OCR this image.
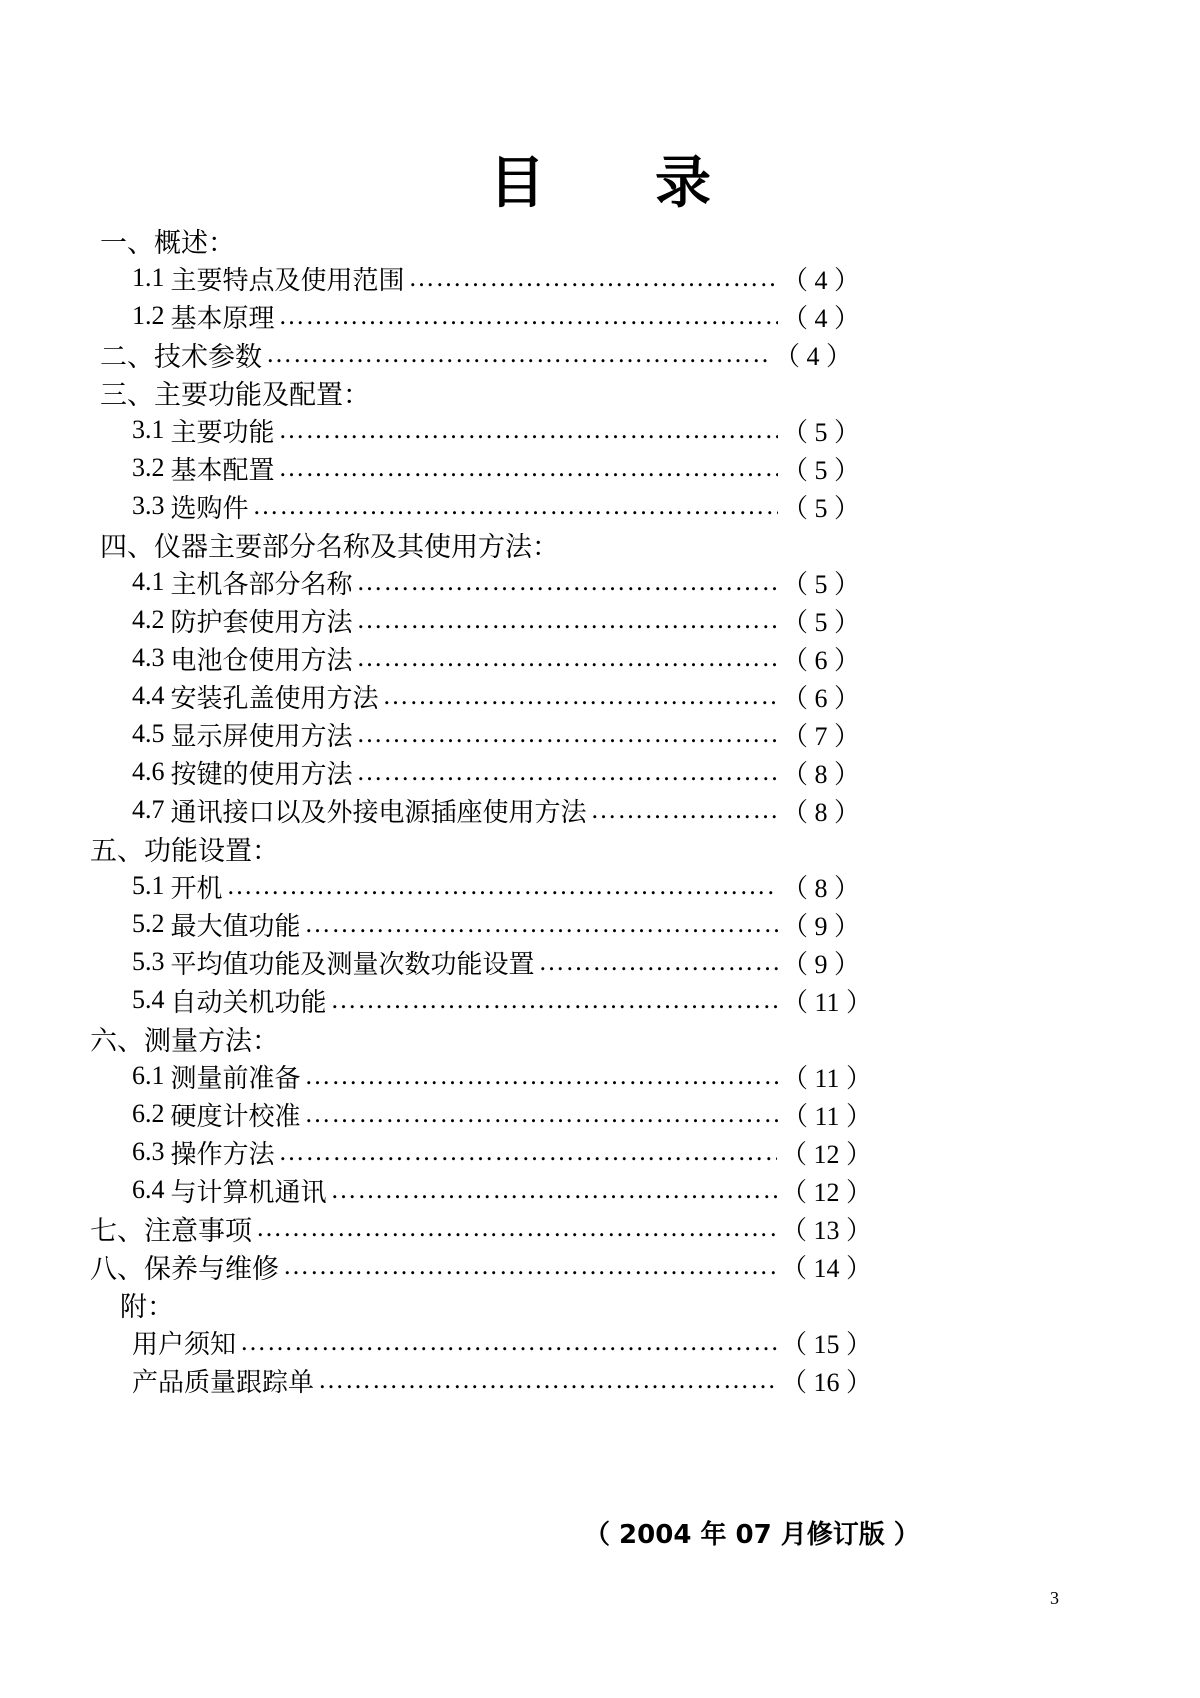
目 录
一、概述：
1.1 主要特点及使用范围 ……………………………………………………………………………………………………………………………………	（ 4 ）
1.2 基本原理 ……………………………………………………………………………………………………………………………………	（ 4 ）
二、技术参数 ……………………………………………………………………………………………………………………………………	（ 4 ）
三、主要功能及配置：
3.1 主要功能 ……………………………………………………………………………………………………………………………………	（ 5 ）
3.2 基本配置 ……………………………………………………………………………………………………………………………………	（ 5 ）
3.3 选购件 ……………………………………………………………………………………………………………………………………	（ 5 ）
四、仪器主要部分名称及其使用方法：
4.1 主机各部分名称 ……………………………………………………………………………………………………………………………………	（ 5 ）
4.2 防护套使用方法 ……………………………………………………………………………………………………………………………………	（ 5 ）
4.3 电池仓使用方法 ……………………………………………………………………………………………………………………………………	（ 6 ）
4.4 安装孔盖使用方法 ……………………………………………………………………………………………………………………………………	（ 6 ）
4.5 显示屏使用方法 ……………………………………………………………………………………………………………………………………	（ 7 ）
4.6 按键的使用方法 ……………………………………………………………………………………………………………………………………	（ 8 ）
4.7 通讯接口以及外接电源插座使用方法 ……………………………………………………………………………………………………………………………………	（ 8 ）
五、功能设置：
5.1 开机 ……………………………………………………………………………………………………………………………………	（ 8 ）
5.2 最大值功能 ……………………………………………………………………………………………………………………………………	（ 9 ）
5.3 平均值功能及测量次数功能设置 ……………………………………………………………………………………………………………………………………	（ 9 ）
5.4 自动关机功能 ……………………………………………………………………………………………………………………………………	（ 11 ）
六、测量方法：
6.1 测量前准备 ……………………………………………………………………………………………………………………………………	（ 11 ）
6.2 硬度计校准 ……………………………………………………………………………………………………………………………………	（ 11 ）
6.3 操作方法 ……………………………………………………………………………………………………………………………………	（ 12 ）
6.4 与计算机通讯 ……………………………………………………………………………………………………………………………………	（ 12 ）
七、注意事项 ……………………………………………………………………………………………………………………………………	（ 13 ）
八、保养与维修 ……………………………………………………………………………………………………………………………………	（ 14 ）
附：
用户须知 ……………………………………………………………………………………………………………………………………	（ 15 ）
产品质量跟踪单 ……………………………………………………………………………………………………………………………………	（ 16 ）
（ 2004 年 07 月修订版 ）
3
